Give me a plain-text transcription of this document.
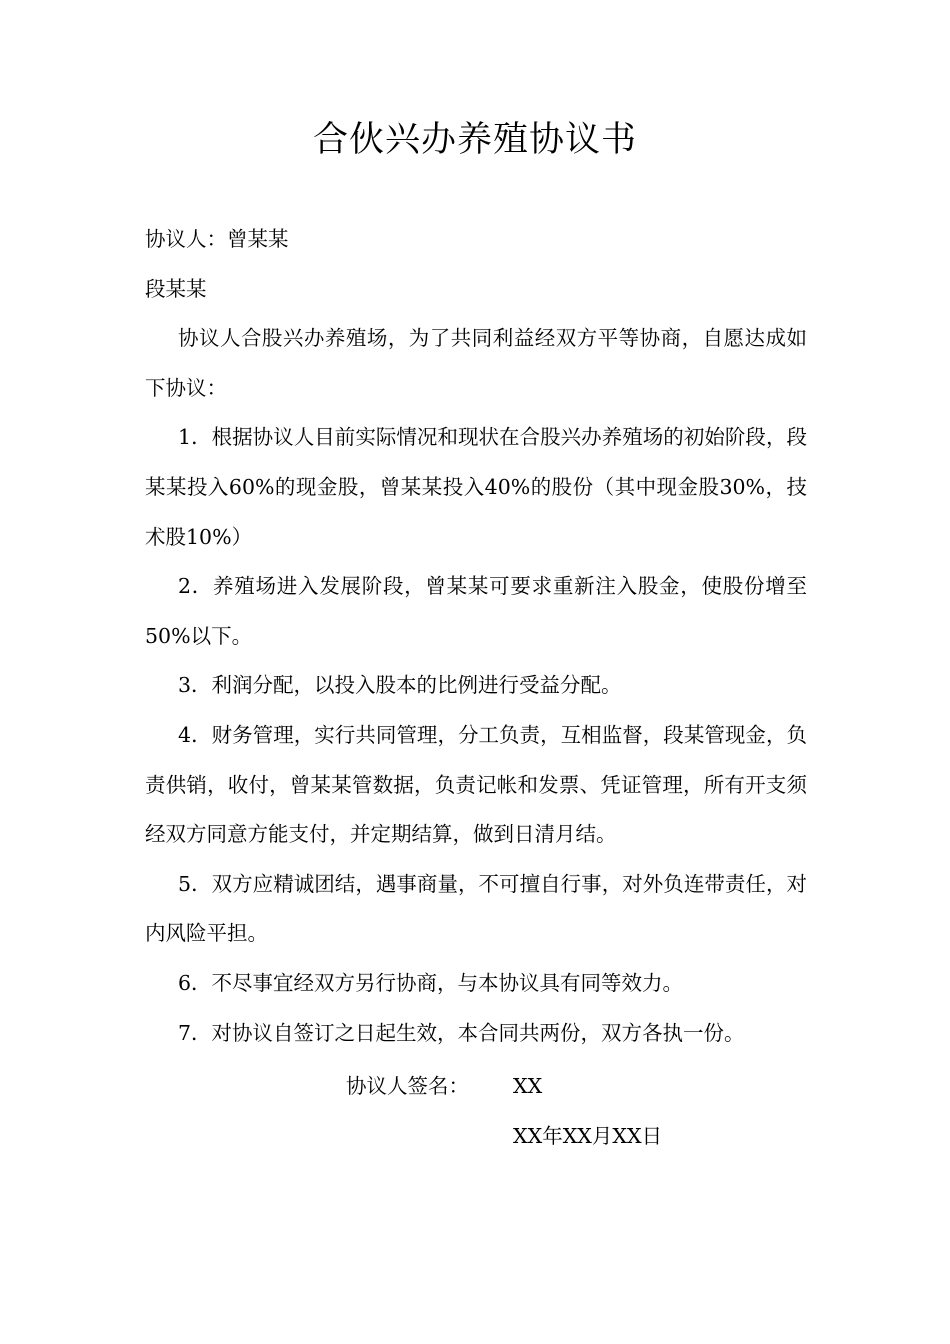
合伙兴办养殖协议书

协议人：曾某某

段某某

协议人合股兴办养殖场，为了共同利益经双方平等协商，自愿达成如下协议：

1．根据协议人目前实际情况和现状在合股兴办养殖场的初始阶段，段某某投入60%的现金股，曾某某投入40%的股份（其中现金股30%，技术股10%）

2．养殖场进入发展阶段，曾某某可要求重新注入股金，使股份增至50%以下。

3．利润分配，以投入股本的比例进行受益分配。

4．财务管理，实行共同管理，分工负责，互相监督，段某管现金，负责供销，收付，曾某某管数据，负责记帐和发票、凭证管理，所有开支须经双方同意方能支付，并定期结算，做到日清月结。

5．双方应精诚团结，遇事商量，不可擅自行事，对外负连带责任，对内风险平担。

6．不尽事宜经双方另行协商，与本协议具有同等效力。

7．对协议自签订之日起生效，本合同共两份，双方各执一份。

协议人签名： XX
XX年XX月XX日
